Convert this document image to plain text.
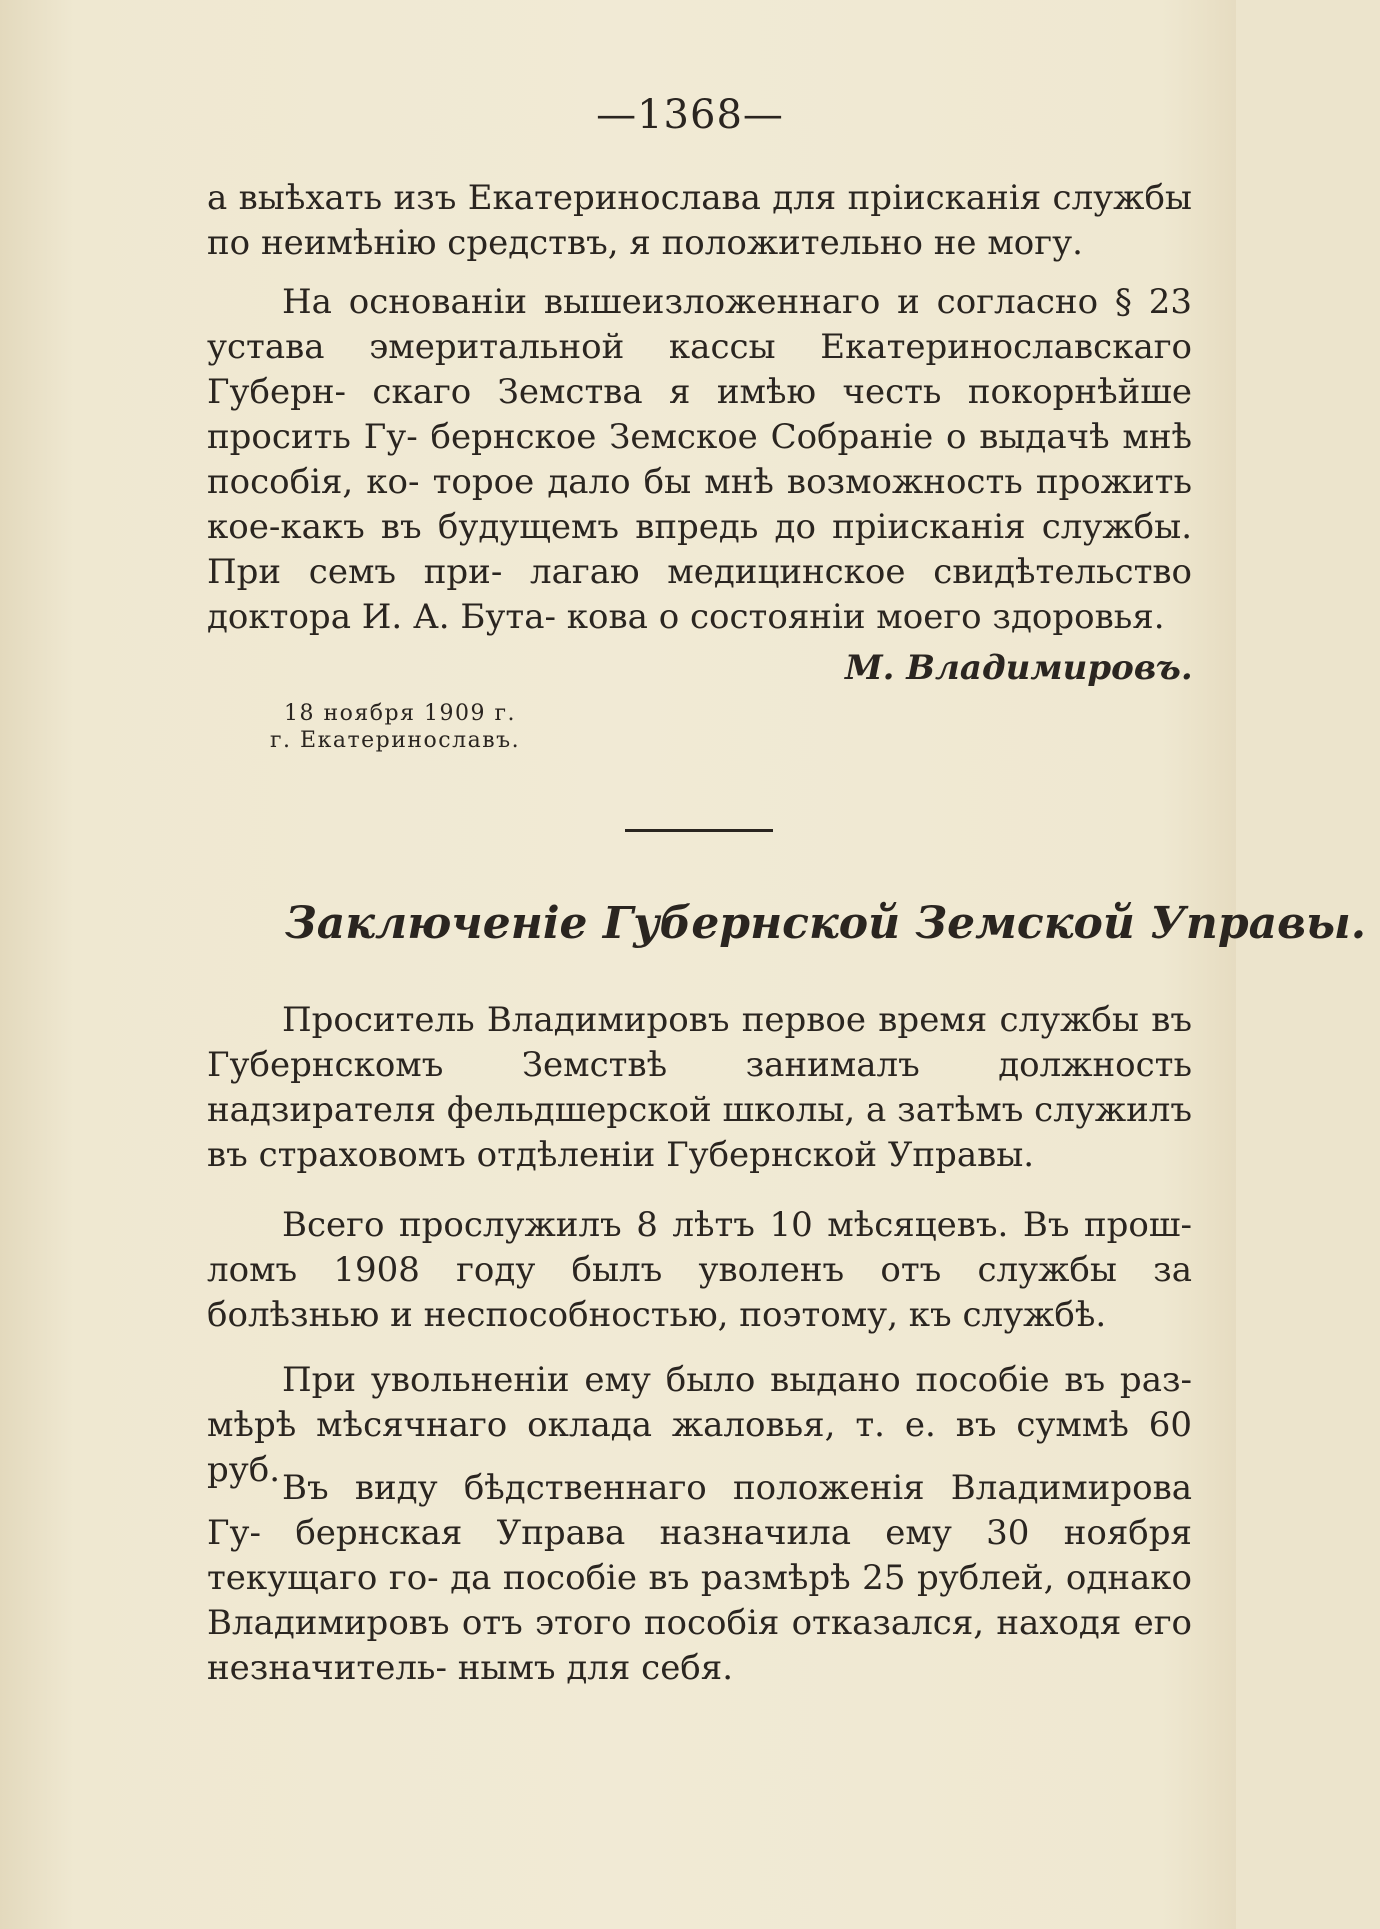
—1368—

а выѣхать изъ Екатеринослава для пріисканія службы по неимѣнію средствъ, я положительно не могу.

На основаніи вышеизложеннаго и согласно § 23 устава эмеритальной кассы Екатеринославскаго Губерн- скаго Земства я имѣю честь покорнѣйше просить Гу- бернское Земское Собраніе о выдачѣ мнѣ пособія, ко- торое дало бы мнѣ возможность прожить кое-какъ въ будущемъ впредь до пріисканія службы. При семъ при- лагаю медицинское свидѣтельство доктора И. А. Бута- кова о состояніи моего здоровья.

М. Владимировъ.
18 ноября 1909 г.
г. Екатеринославъ.
Заключеніе Губернской Земской Управы.

Проситель Владимировъ первое время службы въ Губернскомъ Земствѣ занималъ должность надзирателя фельдшерской школы, а затѣмъ служилъ въ страховомъ отдѣленіи Губернской Управы.

Всего прослужилъ 8 лѣтъ 10 мѣсяцевъ. Въ прош- ломъ 1908 году былъ уволенъ отъ службы за болѣзнью и неспособностью, поэтому, къ службѣ.

При увольненіи ему было выдано пособіе въ раз- мѣрѣ мѣсячнаго оклада жаловья, т. е. въ суммѣ 60 руб. Въ виду бѣдственнаго положенія Владимирова Гу- бернская Управа назначила ему 30 ноября текущаго го- да пособіе въ размѣрѣ 25 рублей, однако Владимировъ отъ этого пособія отказался, находя его незначитель- нымъ для себя.
